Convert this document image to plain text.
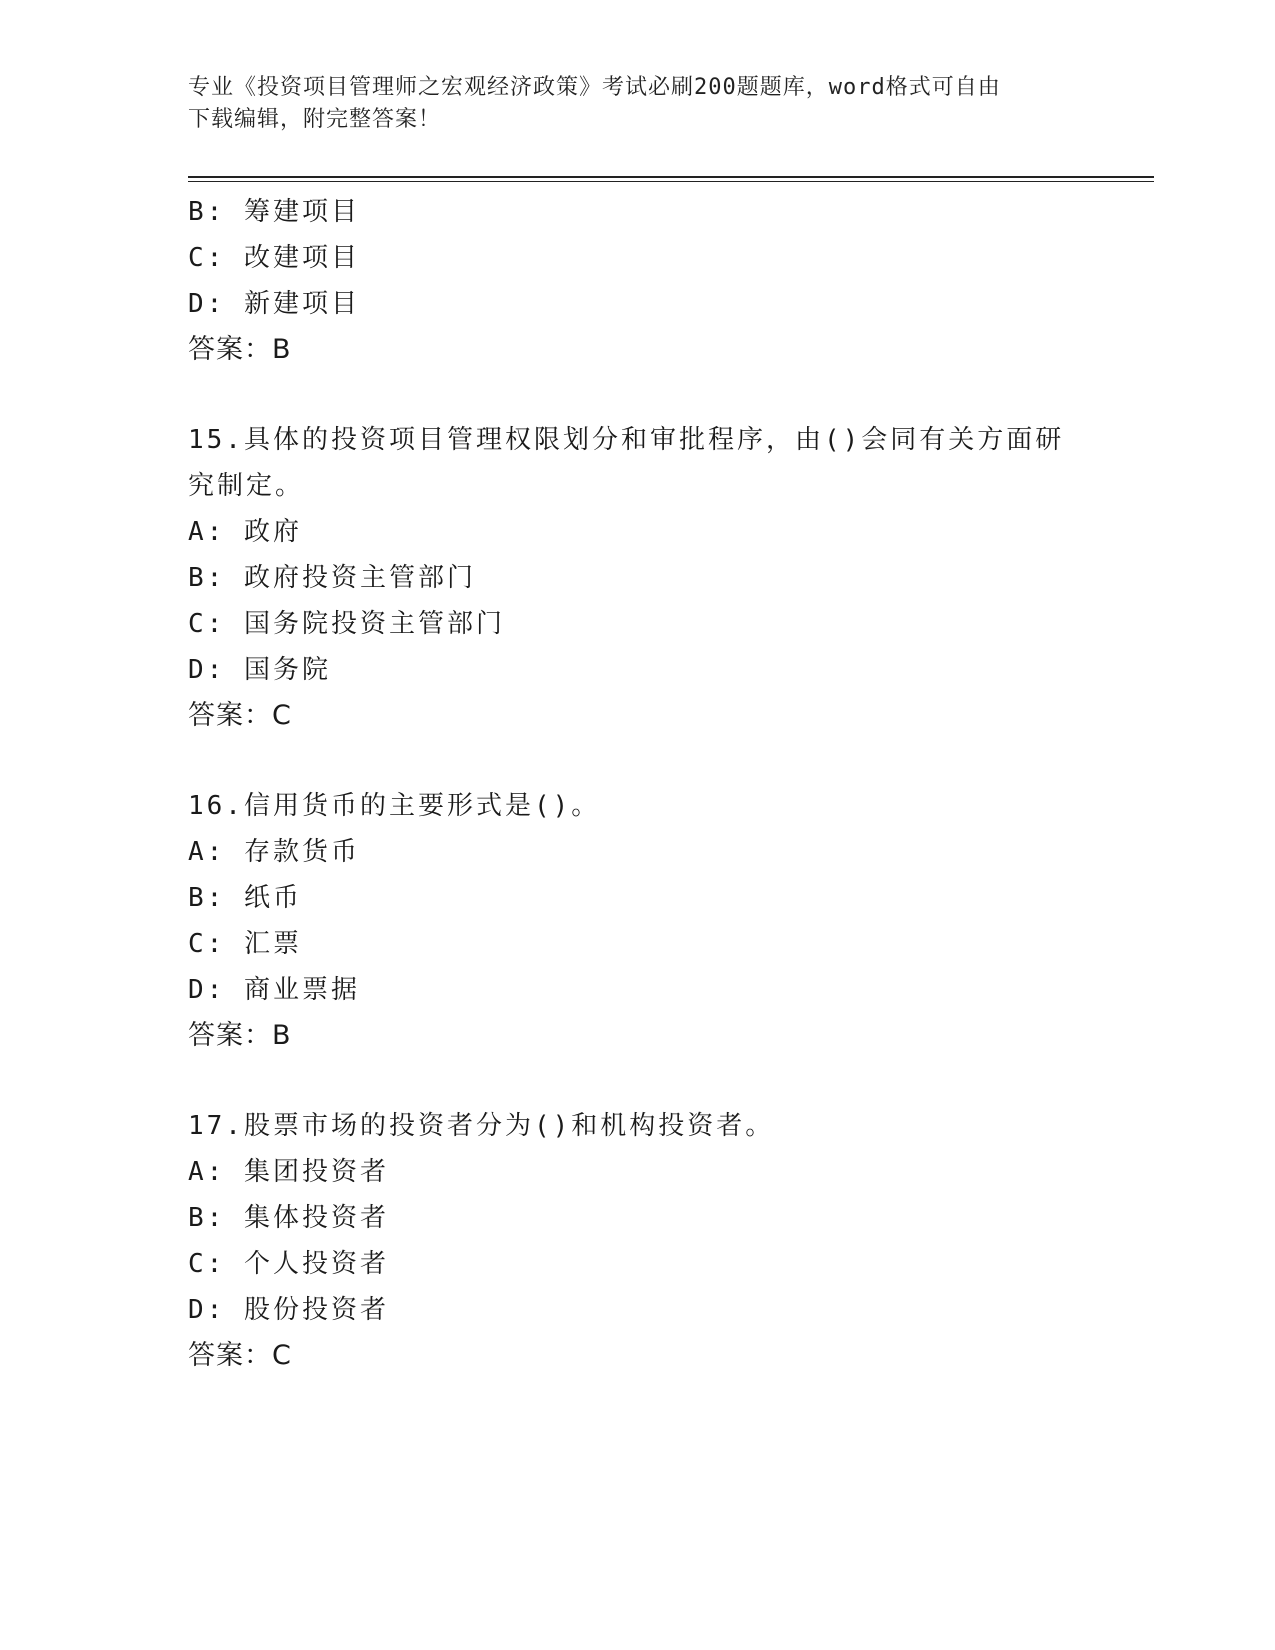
专业《投资项目管理师之宏观经济政策》考试必刷200题题库，word格式可自由
下载编辑，附完整答案！
B: 筹建项目
C: 改建项目
D: 新建项目
答案：B
15.具体的投资项目管理权限划分和审批程序，由()会同有关方面研究制定。
A: 政府
B: 政府投资主管部门
C: 国务院投资主管部门
D: 国务院
答案：C
16.信用货币的主要形式是()。
A: 存款货币
B: 纸币
C: 汇票
D: 商业票据
答案：B
17.股票市场的投资者分为()和机构投资者。
A: 集团投资者
B: 集体投资者
C: 个人投资者
D: 股份投资者
答案：C
